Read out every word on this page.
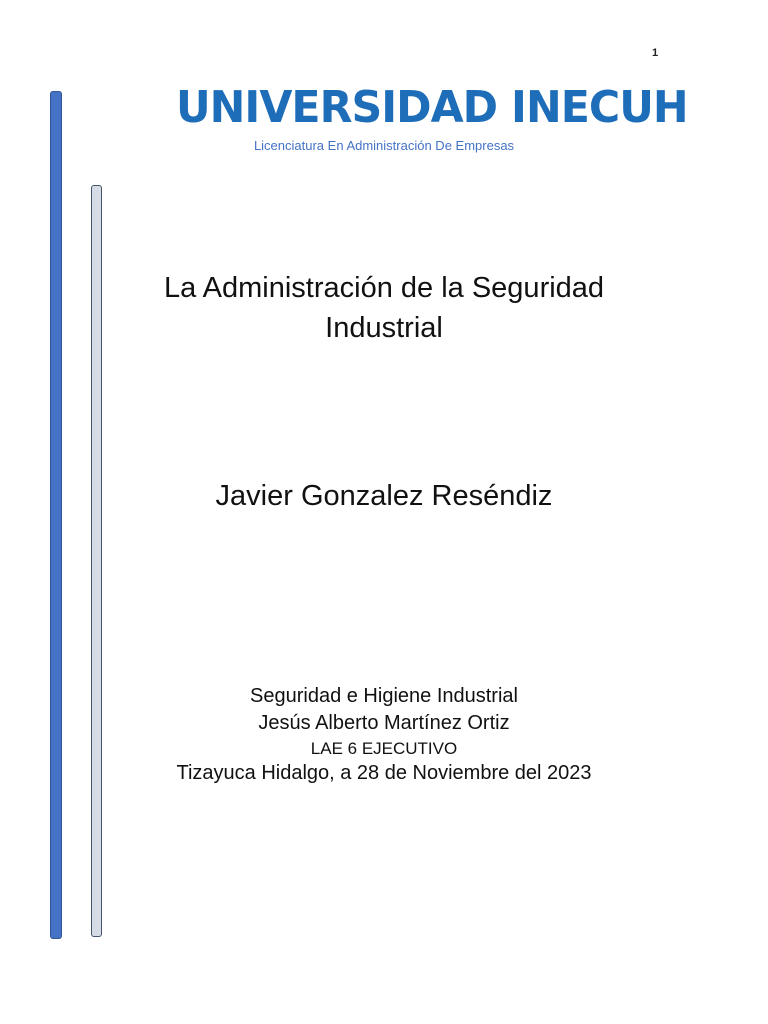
1
UNIVERSIDAD INECUH
Licenciatura En Administración De Empresas
La Administración de la Seguridad
Industrial
Javier Gonzalez Reséndiz
Seguridad e Higiene Industrial
Jesús Alberto Martínez Ortiz
LAE 6 EJECUTIVO
Tizayuca Hidalgo, a 28 de Noviembre del 2023
